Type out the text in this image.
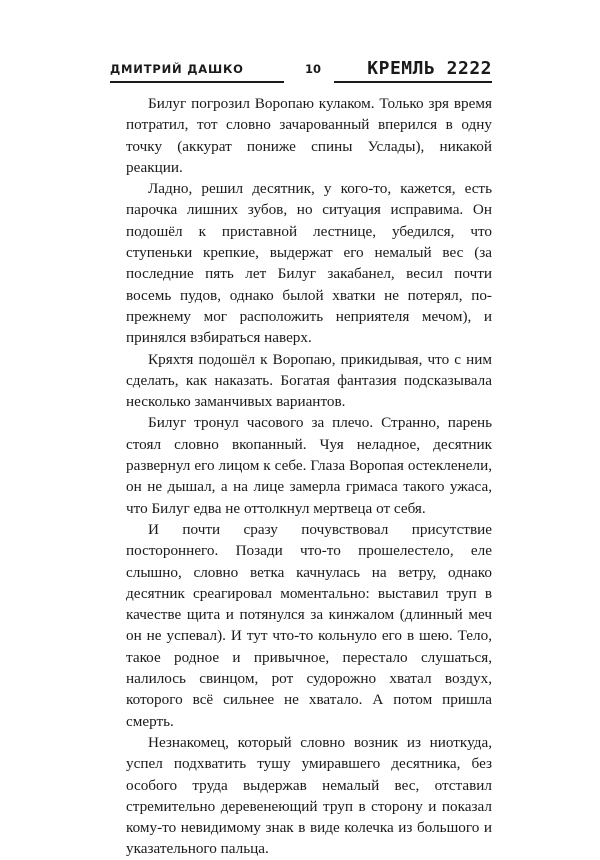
ДМИТРИЙ ДАШКО	10	КРЕМЛЬ 2222

Билуг погрозил Воропаю кулаком. Только зря время потратил, тот словно зачарованный вперился в одну точку (аккурат пониже спины Услады), никакой реакции.

Ладно, решил десятник, у кого-то, кажется, есть парочка лишних зубов, но ситуация исправима. Он подошёл к приставной лестнице, убедился, что ступеньки крепкие, выдержат его немалый вес (за последние пять лет Билуг закабанел, весил почти восемь пудов, однако былой хватки не потерял, по-прежнему мог расположить неприятеля мечом), и принялся взбираться наверх.

Кряхтя подошёл к Воропаю, прикидывая, что с ним сделать, как наказать. Богатая фантазия подсказывала несколько заманчивых вариантов.

Билуг тронул часового за плечо. Странно, парень стоял словно вкопанный. Чуя неладное, десятник развернул его лицом к себе. Глаза Воропая остекленели, он не дышал, а на лице замерла гримаса такого ужаса, что Билуг едва не оттолкнул мертвеца от себя.

И почти сразу почувствовал присутствие постороннего. Позади что-то прошелестело, еле слышно, словно ветка качнулась на ветру, однако десятник среагировал моментально: выставил труп в качестве щита и потянулся за кинжалом (длинный меч он не успевал). И тут что-то кольнуло его в шею. Тело, такое родное и привычное, перестало слушаться, налилось свинцом, рот судорожно хватал воздух, которого всё сильнее не хватало. А потом пришла смерть.

Незнакомец, который словно возник из ниоткуда, успел подхватить тушу умиравшего десятника, без особого труда выдержав немалый вес, отставил стремительно деревенеющий труп в сторону и показал кому-то невидимому знак в виде колечка из большого и указательного пальца.
